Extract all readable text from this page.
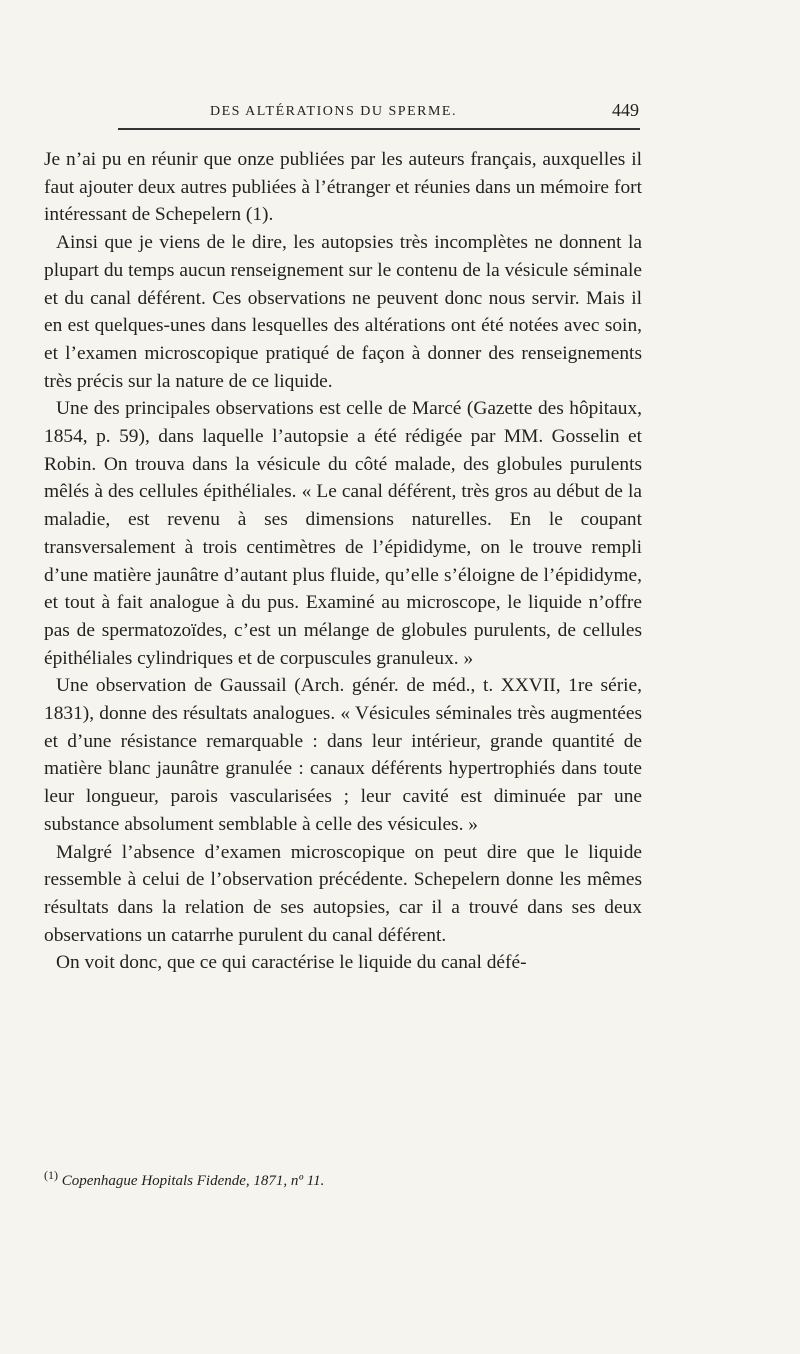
DES ALTÉRATIONS DU SPERME.	449

Je n’ai pu en réunir que onze publiées par les auteurs français, auxquelles il faut ajouter deux autres publiées à l’étranger et réunies dans un mémoire fort intéressant de Schepelern (1).

Ainsi que je viens de le dire, les autopsies très incomplètes ne donnent la plupart du temps aucun renseignement sur le contenu de la vésicule séminale et du canal déférent. Ces observations ne peuvent donc nous servir. Mais il en est quelques-unes dans lesquelles des altérations ont été notées avec soin, et l’examen microscopique pratiqué de façon à donner des renseignements très précis sur la nature de ce liquide.

Une des principales observations est celle de Marcé (Gazette des hôpitaux, 1854, p. 59), dans laquelle l’autopsie a été rédigée par MM. Gosselin et Robin. On trouva dans la vésicule du côté malade, des globules purulents mêlés à des cellules épithéliales. « Le canal déférent, très gros au début de la maladie, est revenu à ses dimensions naturelles. En le coupant transversalement à trois centimètres de l’épididyme, on le trouve rempli d’une matière jaunâtre d’autant plus fluide, qu’elle s’éloigne de l’épididyme, et tout à fait analogue à du pus. Examiné au microscope, le liquide n’offre pas de spermatozoïdes, c’est un mélange de globules purulents, de cellules épithéliales cylindriques et de corpuscules granuleux. »

Une observation de Gaussail (Arch. génér. de méd., t. XXVII, 1re série, 1831), donne des résultats analogues. « Vésicules séminales très augmentées et d’une résistance remarquable : dans leur intérieur, grande quantité de matière blanc jaunâtre granulée : canaux déférents hypertrophiés dans toute leur longueur, parois vascularisées ; leur cavité est diminuée par une substance absolument semblable à celle des vésicules. »

Malgré l’absence d’examen microscopique on peut dire que le liquide ressemble à celui de l’observation précédente. Schepelern donne les mêmes résultats dans la relation de ses autopsies, car il a trouvé dans ses deux observations un catarrhe purulent du canal déférent.

On voit donc, que ce qui caractérise le liquide du canal défé-

$^{(1)}$ Copenhague Hopitals Fidende, 1871, nº 11.
